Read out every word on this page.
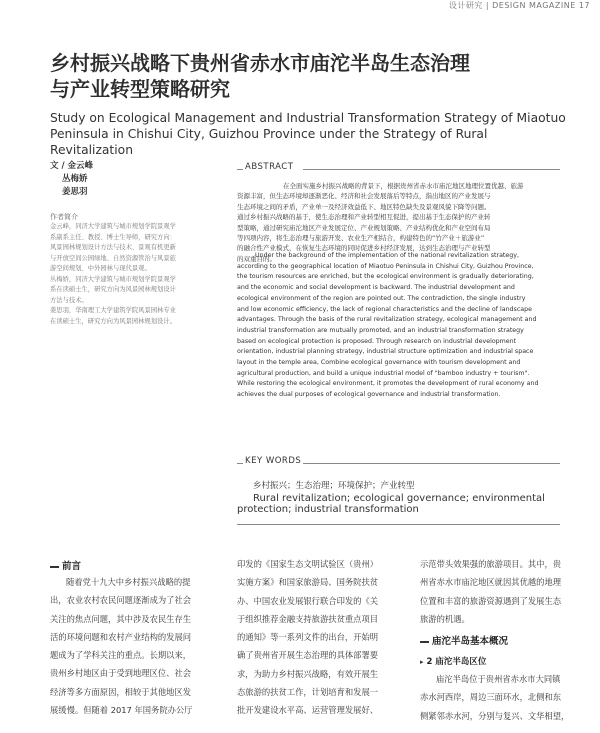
设计研究 | DESIGN MAGAZINE 17
乡村振兴战略下贵州省赤水市庙沱半岛生态治理
与产业转型策略研究
Study on Ecological Management and Industrial Transformation Strategy of Miaotuo
Peninsula in Chishui City, Guizhou Province under the Strategy of Rural Revitalization
文 / 金云峰
丛梅娇
姜思羽
作者简介
金云峰，同济大学建筑与城市规划学院景观学
系副系主任、教授、博士生导师，研究方向：
风景园林规划设计方法与技术、景观有机更新
与开放空间公园绿地、自然资源管治与风景旅
游空间规划、中外园林与现代景观。
丛梅娇，同济大学建筑与城市规划学院景观学
系在读硕士生，研究方向为风景园林规划设计
方法与技术。
姜思羽，华南理工大学建筑学院风景园林专业
在读硕士生，研究方向为风景园林规划设计。
ABSTRACT
在全面实施乡村振兴战略的背景下，根据贵州省赤水市庙沱地区地理位置优越、旅游
资源丰富，但生态环境却逐渐恶化、经济和社会发展落后等特点，指出地区的产业发展与
生态环境之间的矛盾，产业单一及经济效益低下、地区特色缺失及景观风貌下降等问题。
通过乡村振兴战略的基于，使生态治理和产业转型相互促进，提出基于生态保护的产业转
型策略，通过研究庙沱地区产业发展定位、产业规划策略、产业结构优化和产业空间布局
等四项内容，将生态治理与旅游开发、农业生产相结合，构建特色的“竹产业＋旅游业”
的融合性产业模式，在恢复生态环境的同时促进乡村经济发展，达到生态治理与产业转型
的双重目的。
Under the background of the implementation of the national revitalization strategy,
according to the geographical location of Miaotuo Peninsula in Chishui City, Guizhou Province,
the tourism resources are enriched, but the ecological environment is gradually deteriorating,
and the economic and social development is backward. The industrial development and
ecological environment of the region are pointed out. The contradiction, the single industry
and low economic efficiency, the lack of regional characteristics and the decline of landscape
advantages. Through the basis of the rural revitalization strategy, ecological management and
industrial transformation are mutually promoted, and an industrial transformation strategy
based on ecological protection is proposed. Through research on industrial development
orientation, industrial planning strategy, industrial structure optimization and industrial space
layout in the temple area, Combine ecological governance with tourism development and
agricultural production, and build a unique industrial model of "bamboo industry + tourism".
While restoring the ecological environment, it promotes the development of rural economy and
achieves the dual purposes of ecological governance and industrial transformation.
KEY WORDS
乡村振兴；生态治理；环境保护；产业转型
Rural revitalization; ecological governance; environmental protection; industrial transformation
前言
随着党十九大中乡村振兴战略的提
出，农业农村农民问题逐渐成为了社会
关注的焦点问题，其中涉及农民生存生
活的环境问题和农村产业结构的发展问
题成为了学科关注的重点。长期以来，
贵州乡村地区由于受到地理区位、社会
经济等多方面原因，相较于其他地区发
展缓慢。但随着 2017 年国务院办公厅
印发的《国家生态文明试验区（贵州）
实施方案》和国家旅游局、国务院扶贫
办、中国农业发展银行联合印发的《关
于组织推荐金融支持旅游扶贫重点项目
的通知》等一系列文件的出台，开始明
确了贵州省开展生态治理的具体部署要
求，为助力乡村振兴战略，有效开展生
态旅游的扶贫工作，计划培育和发展一
批开发建设水平高、运营管理发展好、
示范带头效果强的旅游项目。其中，贵
州省赤水市庙沱地区就因其优越的地理
位置和丰富的旅游资源遇到了发展生态
旅游的机遇。
庙沱半岛基本概况
▸ 2 庙沱半岛区位
庙沱半岛位于贵州省赤水市大同镇
赤水河西岸，周边三面环水，北侧和东
侧紧邻赤水河，分别与复兴、文华相望，
